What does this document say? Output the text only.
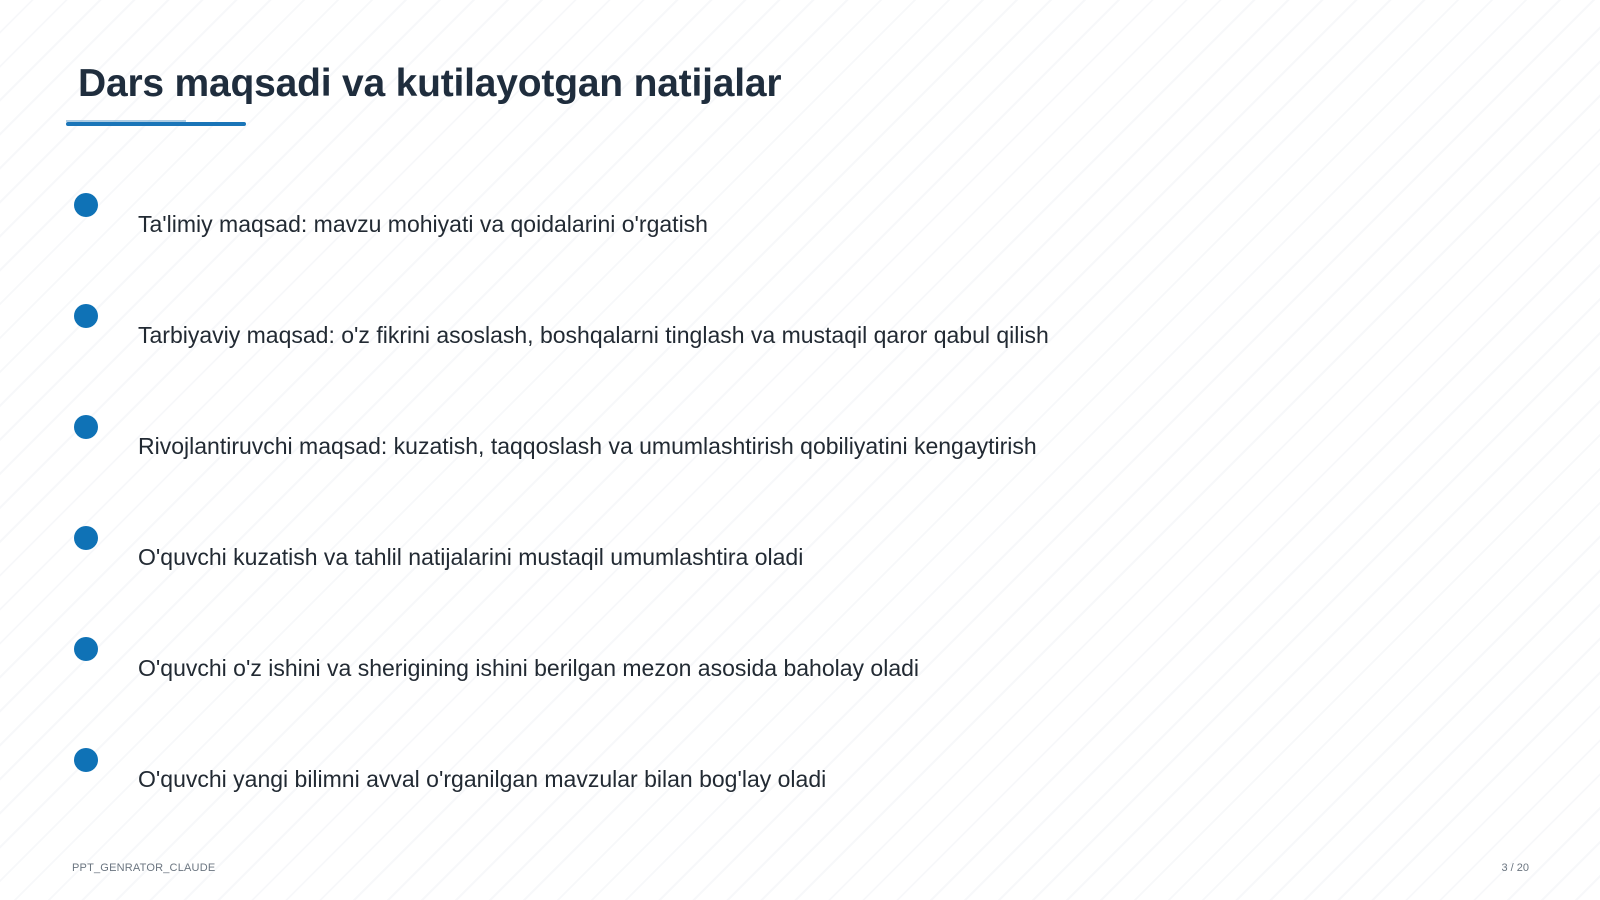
Dars maqsadi va kutilayotgan natijalar
Ta'limiy maqsad: mavzu mohiyati va qoidalarini o'rgatish
Tarbiyaviy maqsad: o'z fikrini asoslash, boshqalarni tinglash va mustaqil qaror qabul qilish
Rivojlantiruvchi maqsad: kuzatish, taqqoslash va umumlashtirish qobiliyatini kengaytirish
O'quvchi kuzatish va tahlil natijalarini mustaqil umumlashtira oladi
O'quvchi o'z ishini va sherigining ishini berilgan mezon asosida baholay oladi
O'quvchi yangi bilimni avval o'rganilgan mavzular bilan bog'lay oladi
PPT_GENRATOR_CLAUDE	3 / 20
